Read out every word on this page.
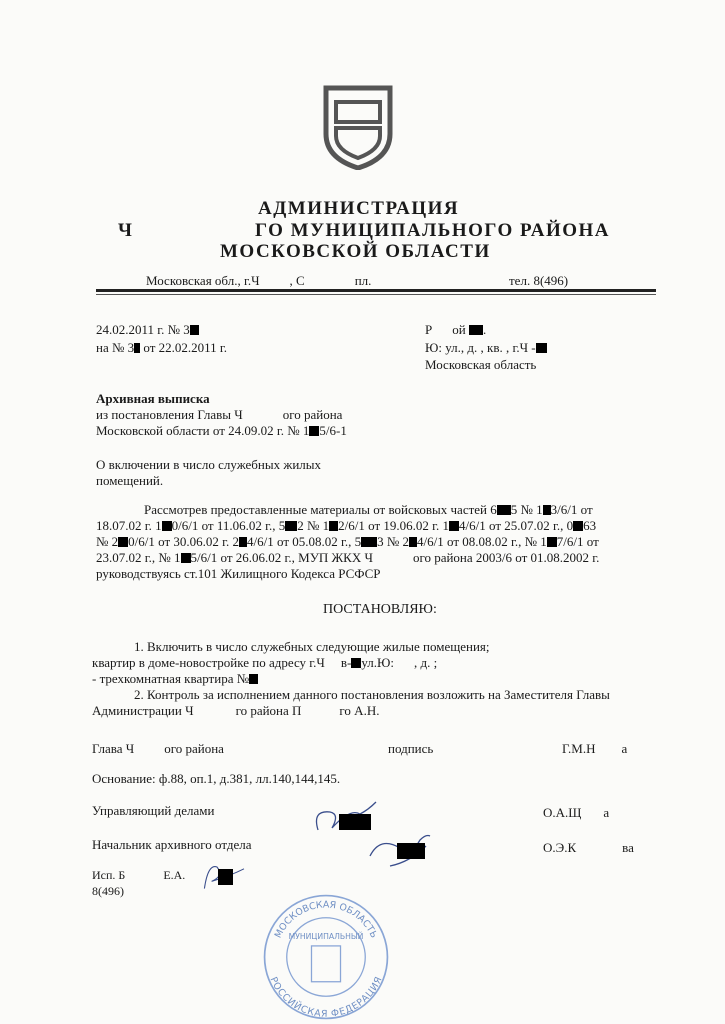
АДМИНИСТРАЦИЯ
Ч	ГО МУНИЦИПАЛЬНОГО РАЙОНА
МОСКОВСКОЙ ОБЛАСТИ
Московская обл., г.Ч , С	пл.	тел. 8(496)
24.02.2011 г. № 3
на № 3 от 22.02.2011 г.
Р ой .
Ю: ул., д. , кв. , г.Ч -
Московская область
Архивная выписка
из постановления Главы Ч	ого района
Московской области от 24.09.02 г. № 1 5/6-1
О включении в число служебных жилых
помещений.
Рассмотрев предоставленные материалы от войсковых частей 6 5 № 1 3/6/1 от
18.07.02 г. 1 0/6/1 от 11.06.02 г., 5 2 № 1 2/6/1 от 19.06.02 г. 1 4/6/1 от 25.07.02 г., 0 63
№ 2 0/6/1 от 30.06.02 г. 2 4/6/1 от 05.08.02 г., 5 3 № 2 4/6/1 от 08.08.02 г., № 1 7/6/1 от
23.07.02 г., № 1 5/6/1 от 26.06.02 г., МУП ЖКХ Ч	ого района 2003/6 от 01.08.2002 г.
руководствуясь ст.101 Жилищного Кодекса РСФСР
ПОСТАНОВЛЯЮ:
1. Включить в число служебных следующие жилые помещения;
квартир в доме-новостройке по адресу г.Ч в- ул.Ю: , д. ;
- трехкомнатная квартира №
2. Контроль за исполнением данного постановления возложить на Заместителя Главы
Администрации Ч	го района П	го А.Н.
Глава Ч ого района	подпись	Г.М.Н а
Основание: ф.88, оп.1, д.381, лл.140,144,145.
Управляющий делами	О.А.Щ а
Начальник архивного отдела	О.Э.К	ва
Исп. Б	Е.А.
8(496)
МОСКОВСКАЯ ОБЛАСТЬ
РОССИЙСКАЯ ФЕДЕРАЦИЯ
МУНИЦИПАЛЬНЫЙ
